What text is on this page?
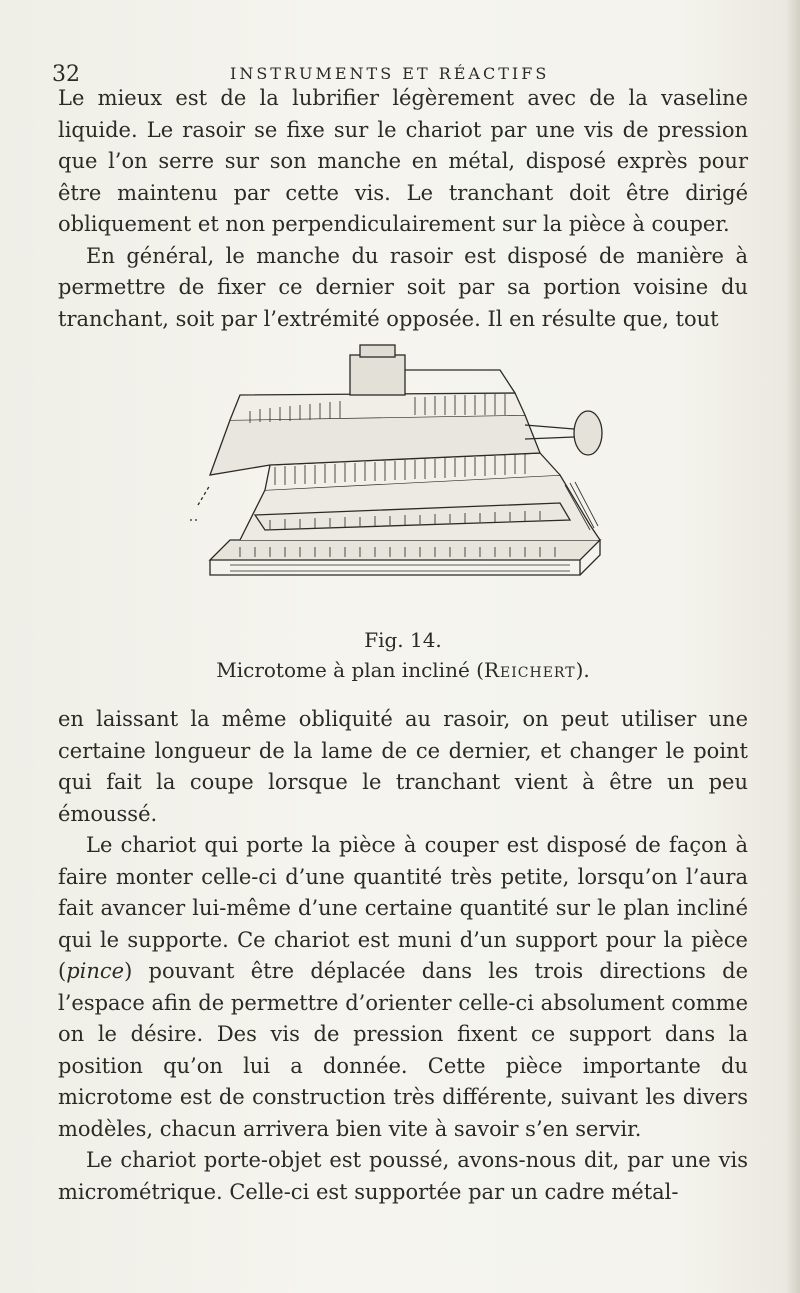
32	INSTRUMENTS ET RÉACTIFS

Le mieux est de la lubrifier légèrement avec de la vaseline liquide. Le rasoir se fixe sur le chariot par une vis de pression que l’on serre sur son manche en métal, disposé exprès pour être maintenu par cette vis. Le tranchant doit être dirigé obliquement et non perpendiculairement sur la pièce à couper.

En général, le manche du rasoir est disposé de manière à permettre de fixer ce dernier soit par sa portion voisine du tranchant, soit par l’extrémité opposée. Il en résulte que, tout

Fig. 14.
Microtome à plan incliné (Reichert).

en laissant la même obliquité au rasoir, on peut utiliser une certaine longueur de la lame de ce dernier, et changer le point qui fait la coupe lorsque le tranchant vient à être un peu émoussé.

Le chariot qui porte la pièce à couper est disposé de façon à faire monter celle-ci d’une quantité très petite, lorsqu’on l’aura fait avancer lui-même d’une certaine quantité sur le plan incliné qui le supporte. Ce chariot est muni d’un support pour la pièce (pince) pouvant être déplacée dans les trois directions de l’espace afin de permettre d’orienter celle-ci absolument comme on le désire. Des vis de pression fixent ce support dans la position qu’on lui a donnée. Cette pièce importante du microtome est de construction très différente, suivant les divers modèles, chacun arrivera bien vite à savoir s’en servir.

Le chariot porte-objet est poussé, avons-nous dit, par une vis micrométrique. Celle-ci est supportée par un cadre métal-
